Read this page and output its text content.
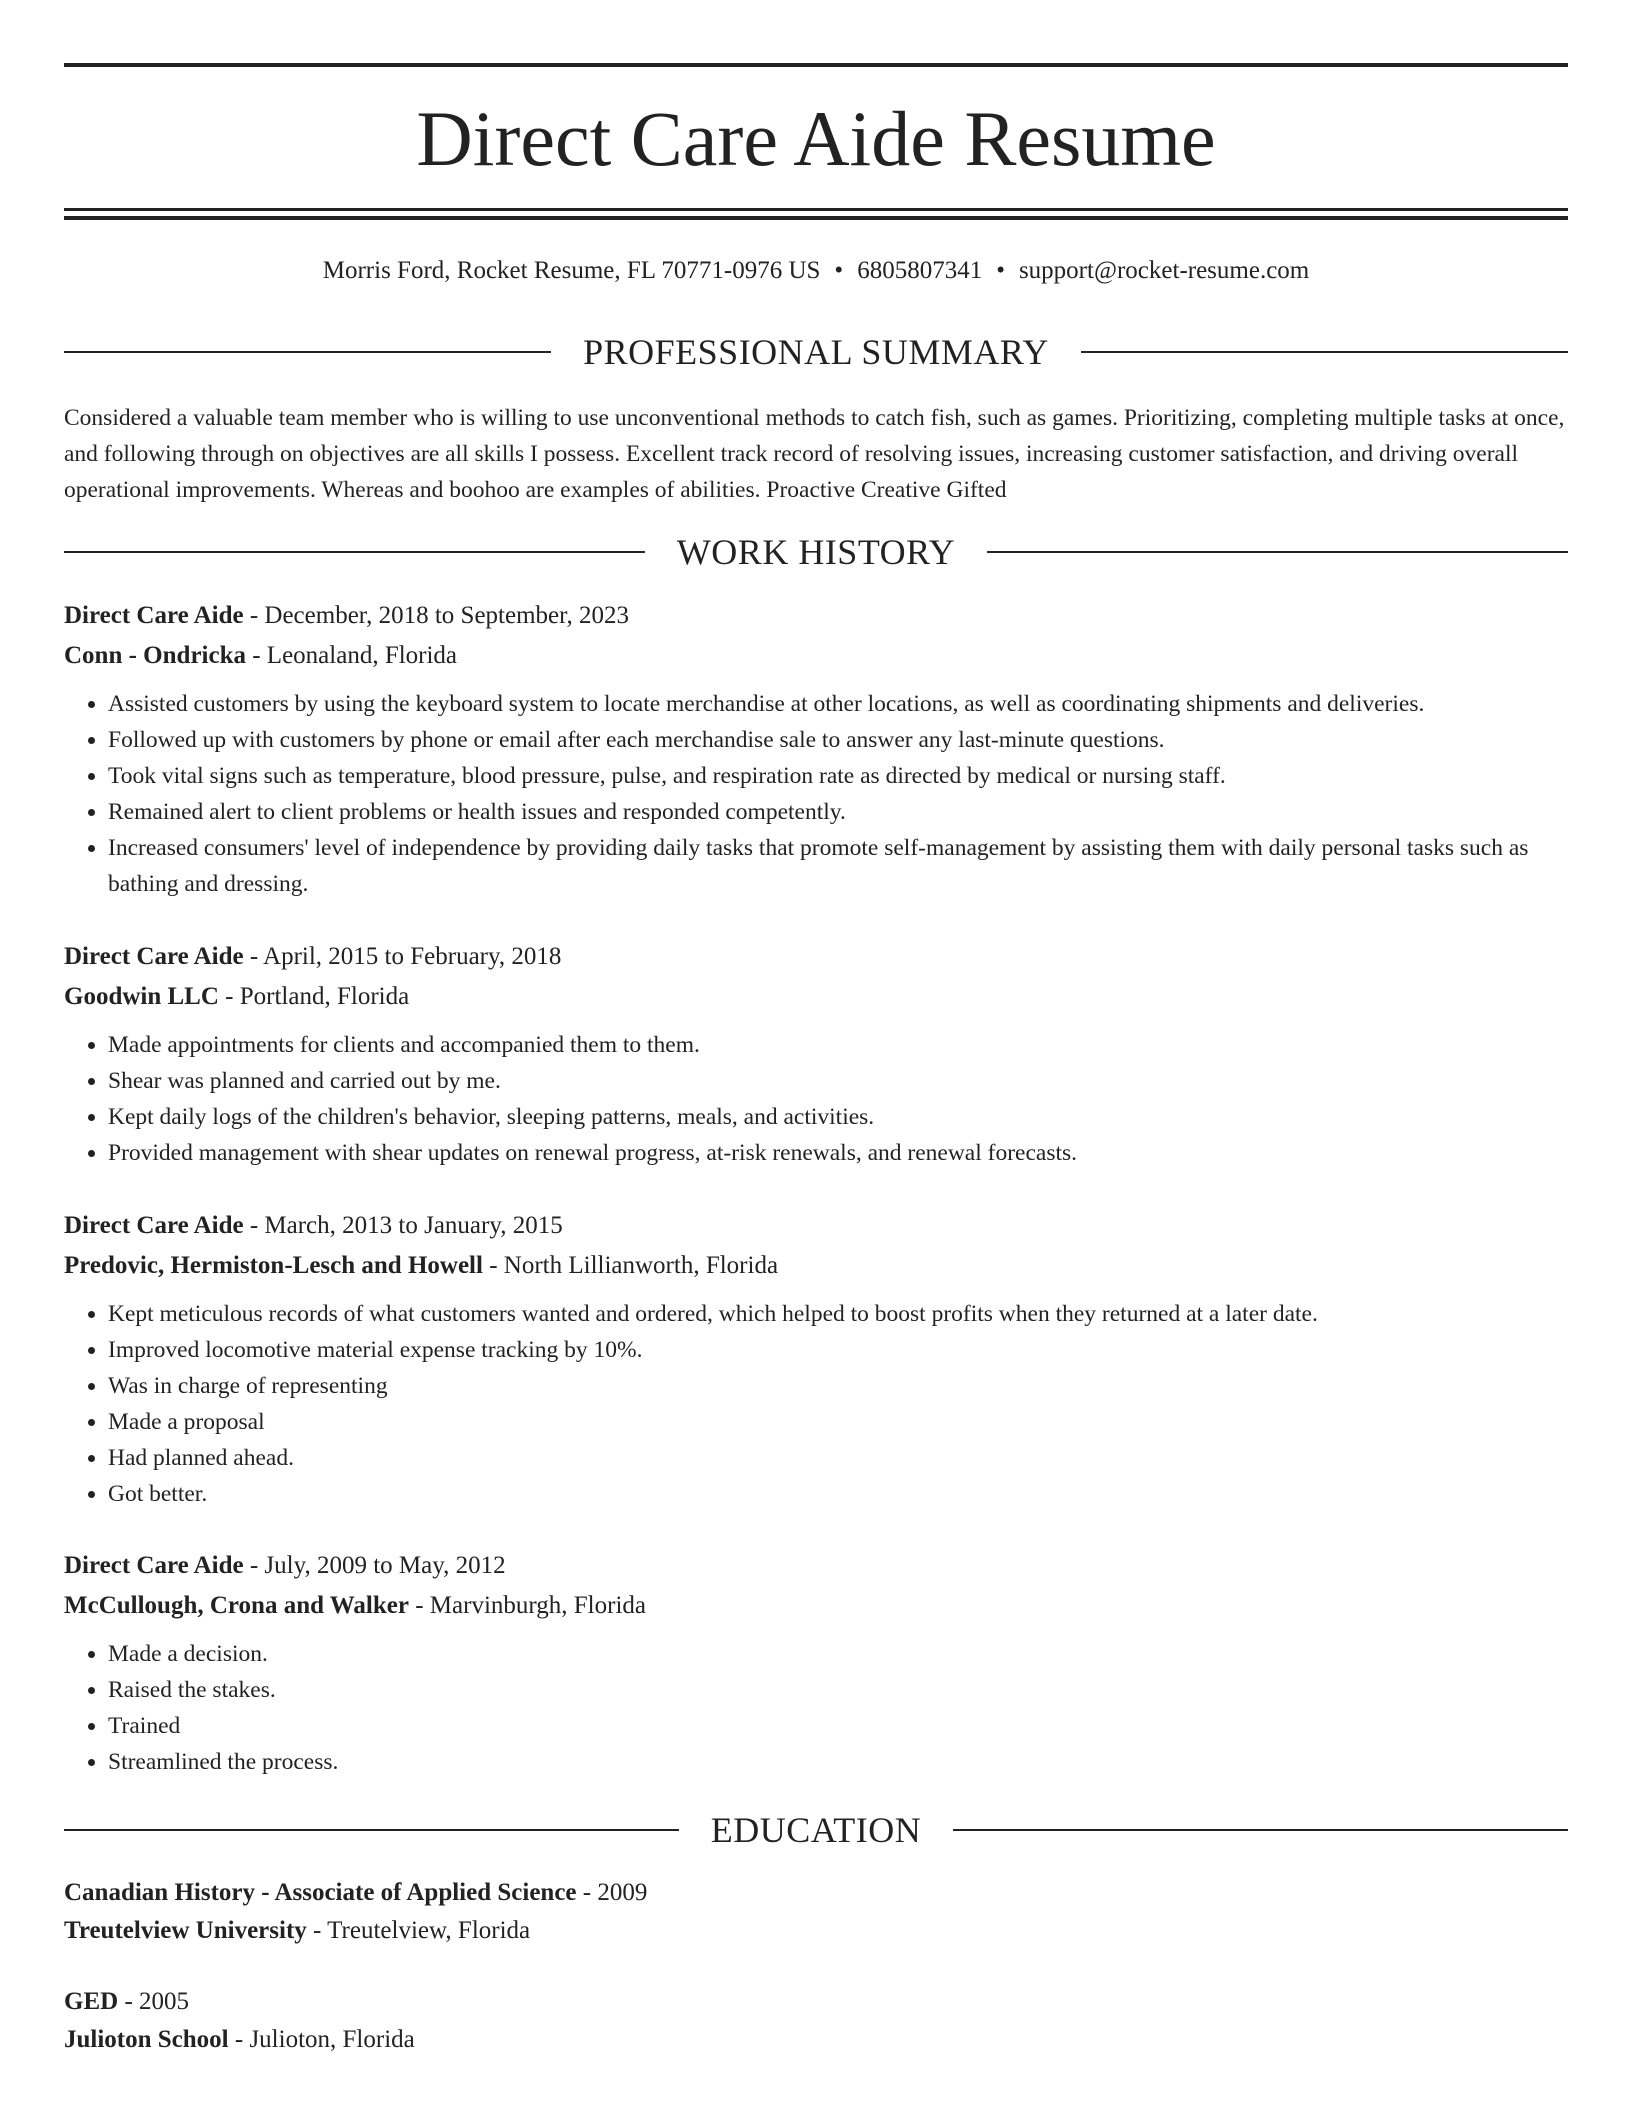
Direct Care Aide Resume
Morris Ford, Rocket Resume, FL 70771-0976 US • 6805807341 • support@rocket-resume.com
PROFESSIONAL SUMMARY

Considered a valuable team member who is willing to use unconventional methods to catch fish, such as games. Prioritizing, completing multiple tasks at once, and following through on objectives are all skills I possess. Excellent track record of resolving issues, increasing customer satisfaction, and driving overall operational improvements. Whereas and boohoo are examples of abilities. Proactive Creative Gifted

WORK HISTORY
Direct Care Aide - December, 2018 to September, 2023
Conn - Ondricka - Leonaland, Florida
• Assisted customers by using the keyboard system to locate merchandise at other locations, as well as coordinating shipments and deliveries.
• Followed up with customers by phone or email after each merchandise sale to answer any last-minute questions.
• Took vital signs such as temperature, blood pressure, pulse, and respiration rate as directed by medical or nursing staff.
• Remained alert to client problems or health issues and responded competently.
• Increased consumers' level of independence by providing daily tasks that promote self-management by assisting them with daily personal tasks such as bathing and dressing.
Direct Care Aide - April, 2015 to February, 2018
Goodwin LLC - Portland, Florida
• Made appointments for clients and accompanied them to them.
• Shear was planned and carried out by me.
• Kept daily logs of the children's behavior, sleeping patterns, meals, and activities.
• Provided management with shear updates on renewal progress, at-risk renewals, and renewal forecasts.
Direct Care Aide - March, 2013 to January, 2015
Predovic, Hermiston-Lesch and Howell - North Lillianworth, Florida
• Kept meticulous records of what customers wanted and ordered, which helped to boost profits when they returned at a later date.
• Improved locomotive material expense tracking by 10%.
• Was in charge of representing
• Made a proposal
• Had planned ahead.
• Got better.
Direct Care Aide - July, 2009 to May, 2012
McCullough, Crona and Walker - Marvinburgh, Florida
• Made a decision.
• Raised the stakes.
• Trained
• Streamlined the process.
EDUCATION
Canadian History - Associate of Applied Science - 2009
Treutelview University - Treutelview, Florida
GED - 2005
Julioton School - Julioton, Florida
